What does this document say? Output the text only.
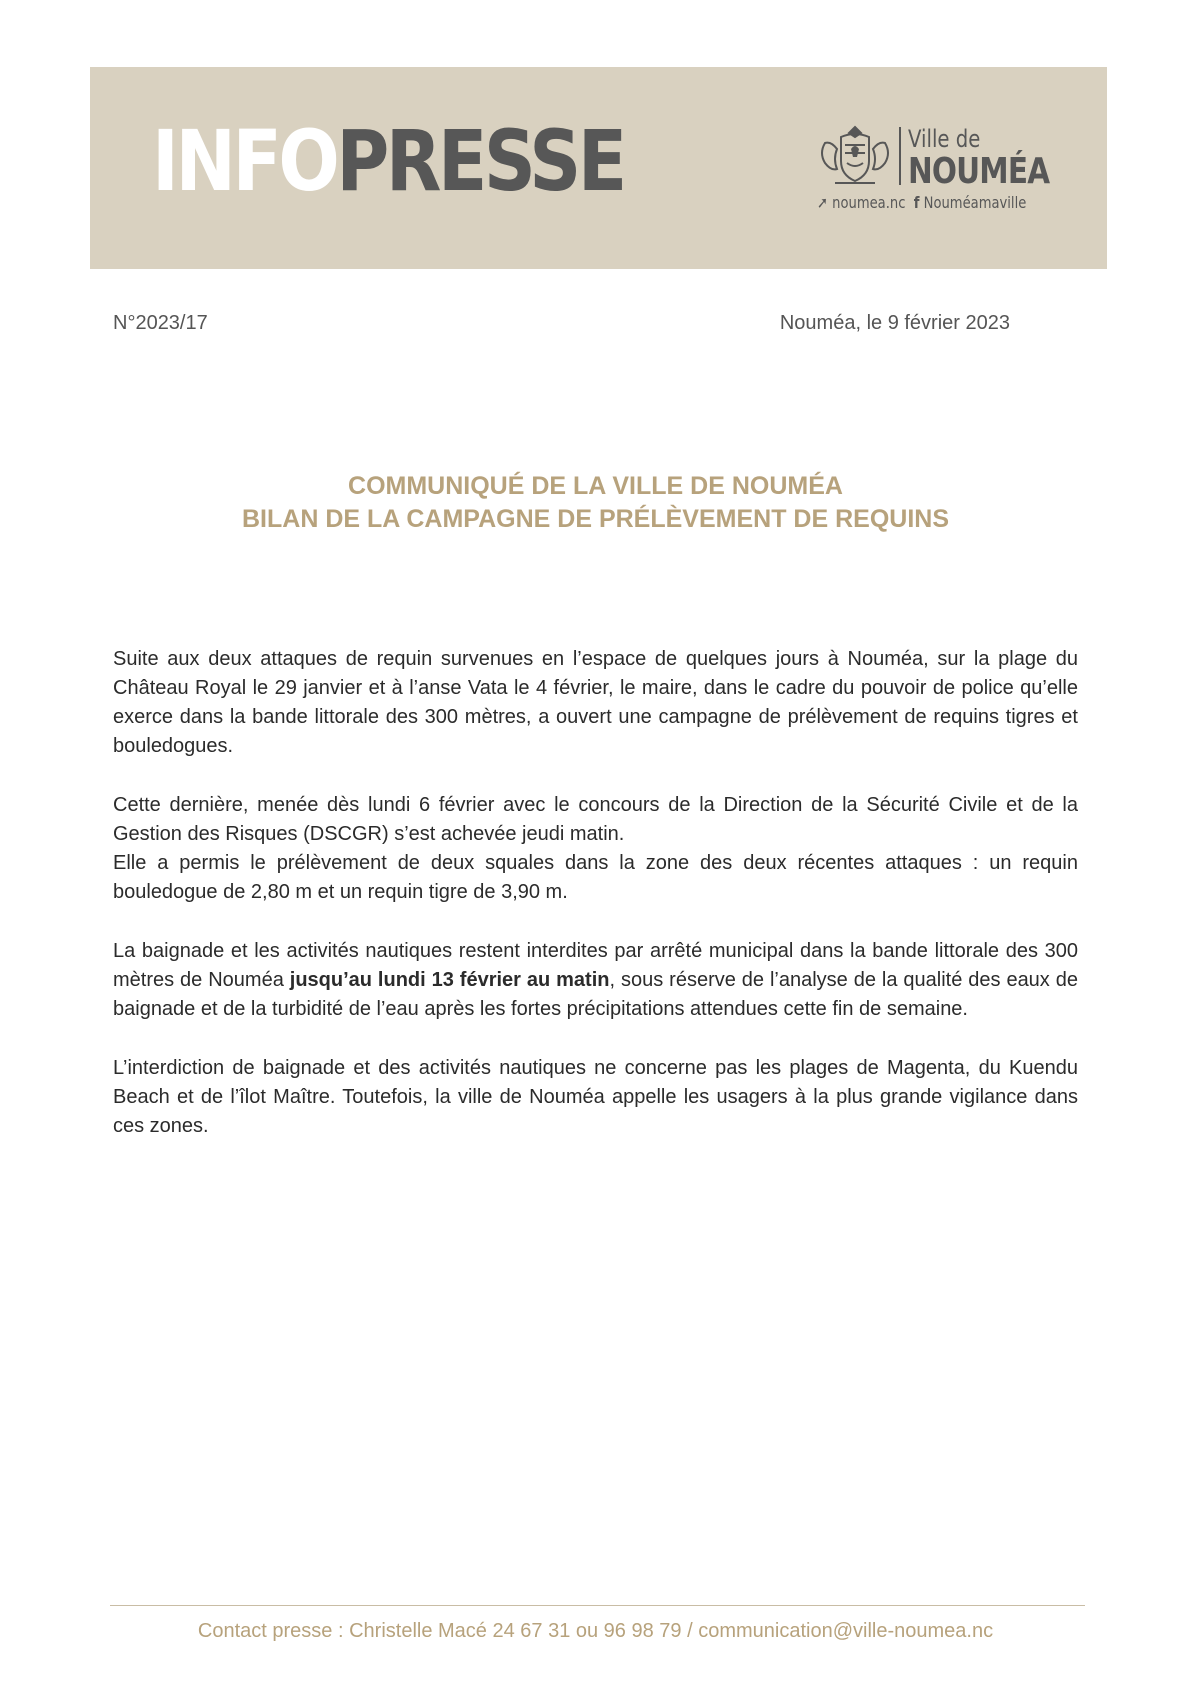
INFOPRESSE	Ville de
NOUMÉA
➚ noumea.nc f Nouméamaville
N°2023/17	Nouméa, le 9 février 2023
COMMUNIQUÉ DE LA VILLE DE NOUMÉA
BILAN DE LA CAMPAGNE DE PRÉLÈVEMENT DE REQUINS

Suite aux deux attaques de requin survenues en l’espace de quelques jours à Nouméa, sur la plage du Château Royal le 29 janvier et à l’anse Vata le 4 février, le maire, dans le cadre du pouvoir de police qu’elle exerce dans la bande littorale des 300 mètres, a ouvert une campagne de prélèvement de requins tigres et bouledogues.

Cette dernière, menée dès lundi 6 février avec le concours de la Direction de la Sécurité Civile et de la Gestion des Risques (DSCGR) s’est achevée jeudi matin.
Elle a permis le prélèvement de deux squales dans la zone des deux récentes attaques : un requin bouledogue de 2,80 m et un requin tigre de 3,90 m.

La baignade et les activités nautiques restent interdites par arrêté municipal dans la bande littorale des 300 mètres de Nouméa jusqu’au lundi 13 février au matin, sous réserve de l’analyse de la qualité des eaux de baignade et de la turbidité de l’eau après les fortes précipitations attendues cette fin de semaine.

L’interdiction de baignade et des activités nautiques ne concerne pas les plages de Magenta, du Kuendu Beach et de l’îlot Maître. Toutefois, la ville de Nouméa appelle les usagers à la plus grande vigilance dans ces zones.

Contact presse : Christelle Macé 24 67 31 ou 96 98 79 / communication@ville-noumea.nc
